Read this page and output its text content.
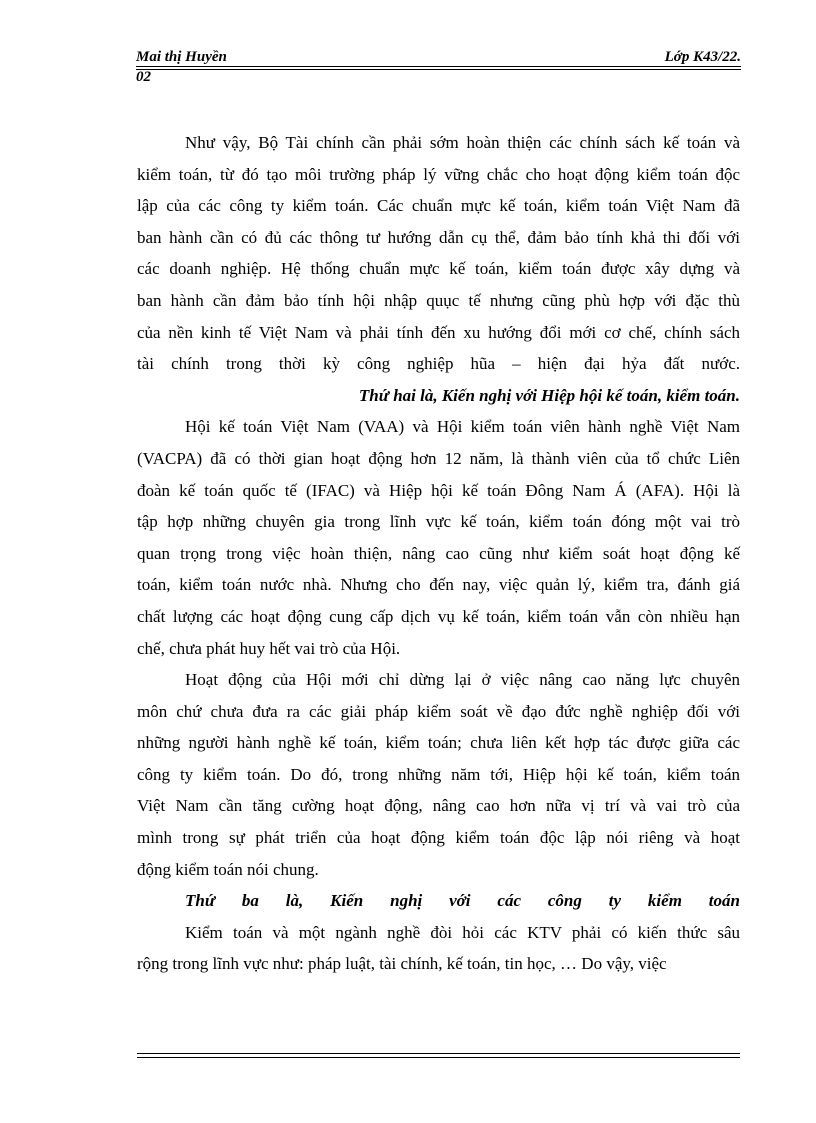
Mai thị Huyền	Lớp K43/22.
02

Như vậy, Bộ Tài chính cần phải sớm hoàn thiện các chính sách kế toán và

kiểm toán, từ đó tạo môi trường pháp lý vững chắc cho hoạt động kiểm toán độc

lập của các công ty kiểm toán. Các chuẩn mực kế toán, kiểm toán Việt Nam đã

ban hành cần có đủ các thông tư hướng dẫn cụ thể, đảm bảo tính khả thi đối với

các doanh nghiệp. Hệ thống chuẩn mực kế toán, kiểm toán được xây dựng và

ban hành cần đảm bảo tính hội nhập quục tế nhưng cũng phù hợp với đặc thù

của nền kinh tế Việt Nam và phải tính đến xu hướng đổi mới cơ chế, chính sách

tài chính trong thời kỳ công nghiệp hũa – hiện đại hỷa đất nước.

Thứ hai là, Kiến nghị với Hiệp hội kế toán, kiểm toán.

Hội kế toán Việt Nam (VAA) và Hội kiểm toán viên hành nghề Việt Nam

(VACPA) đã có thời gian hoạt động hơn 12 năm, là thành viên của tổ chức Liên

đoàn kế toán quốc tế (IFAC) và Hiệp hội kế toán Đông Nam Á (AFA). Hội là

tập hợp những chuyên gia trong lĩnh vực kế toán, kiểm toán đóng một vai trò

quan trọng trong việc hoàn thiện, nâng cao cũng như kiểm soát hoạt động kế

toán, kiểm toán nước nhà. Nhưng cho đến nay, việc quản lý, kiểm tra, đánh giá

chất lượng các hoạt động cung cấp dịch vụ kế toán, kiểm toán vẫn còn nhiều hạn

chế, chưa phát huy hết vai trò của Hội.

Hoạt động của Hội mới chỉ dừng lại ở việc nâng cao năng lực chuyên

môn chứ chưa đưa ra các giải pháp kiểm soát về đạo đức nghề nghiệp đối với

những người hành nghề kế toán, kiểm toán; chưa liên kết hợp tác được giữa các

công ty kiểm toán. Do đó, trong những năm tới, Hiệp hội kế toán, kiểm toán

Việt Nam cần tăng cường hoạt động, nâng cao hơn nữa vị trí và vai trò của

mình trong sự phát triển của hoạt động kiểm toán độc lập nói riêng và hoạt

động kiểm toán nói chung.

Thứ ba là, Kiến nghị với các công ty kiểm toán

Kiểm toán và một ngành nghề đòi hỏi các KTV phải có kiến thức sâu

rộng trong lĩnh vực như: pháp luật, tài chính, kế toán, tin học, … Do vậy, việc
